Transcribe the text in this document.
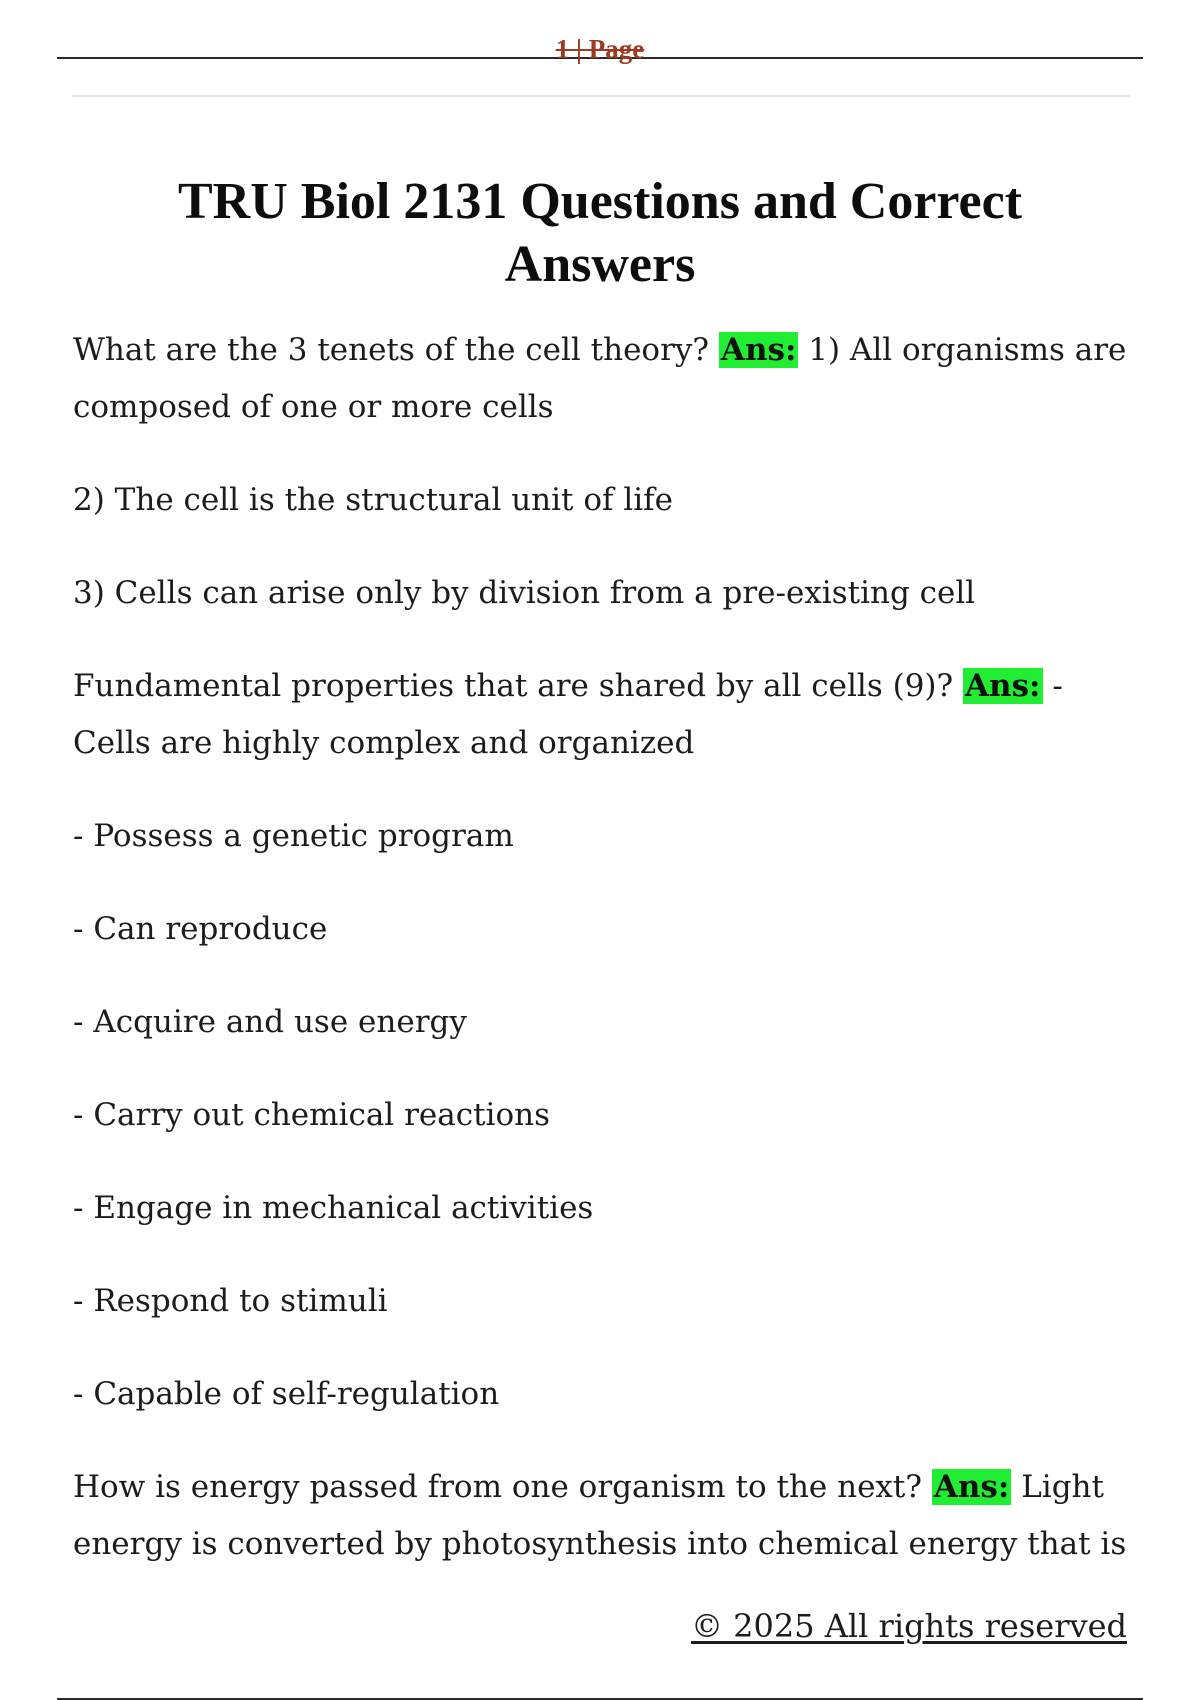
1 | Page
TRU Biol 2131 Questions and Correct Answers

What are the 3 tenets of the cell theory? Ans: 1) All organisms are composed of one or more cells

2) The cell is the structural unit of life

3) Cells can arise only by division from a pre-existing cell

Fundamental properties that are shared by all cells (9)? Ans: - Cells are highly complex and organized

- Possess a genetic program

- Can reproduce

- Acquire and use energy

- Carry out chemical reactions

- Engage in mechanical activities

- Respond to stimuli

- Capable of self-regulation

How is energy passed from one organism to the next? Ans: Light energy is converted by photosynthesis into chemical energy that is

© 2025 All rights reserved
